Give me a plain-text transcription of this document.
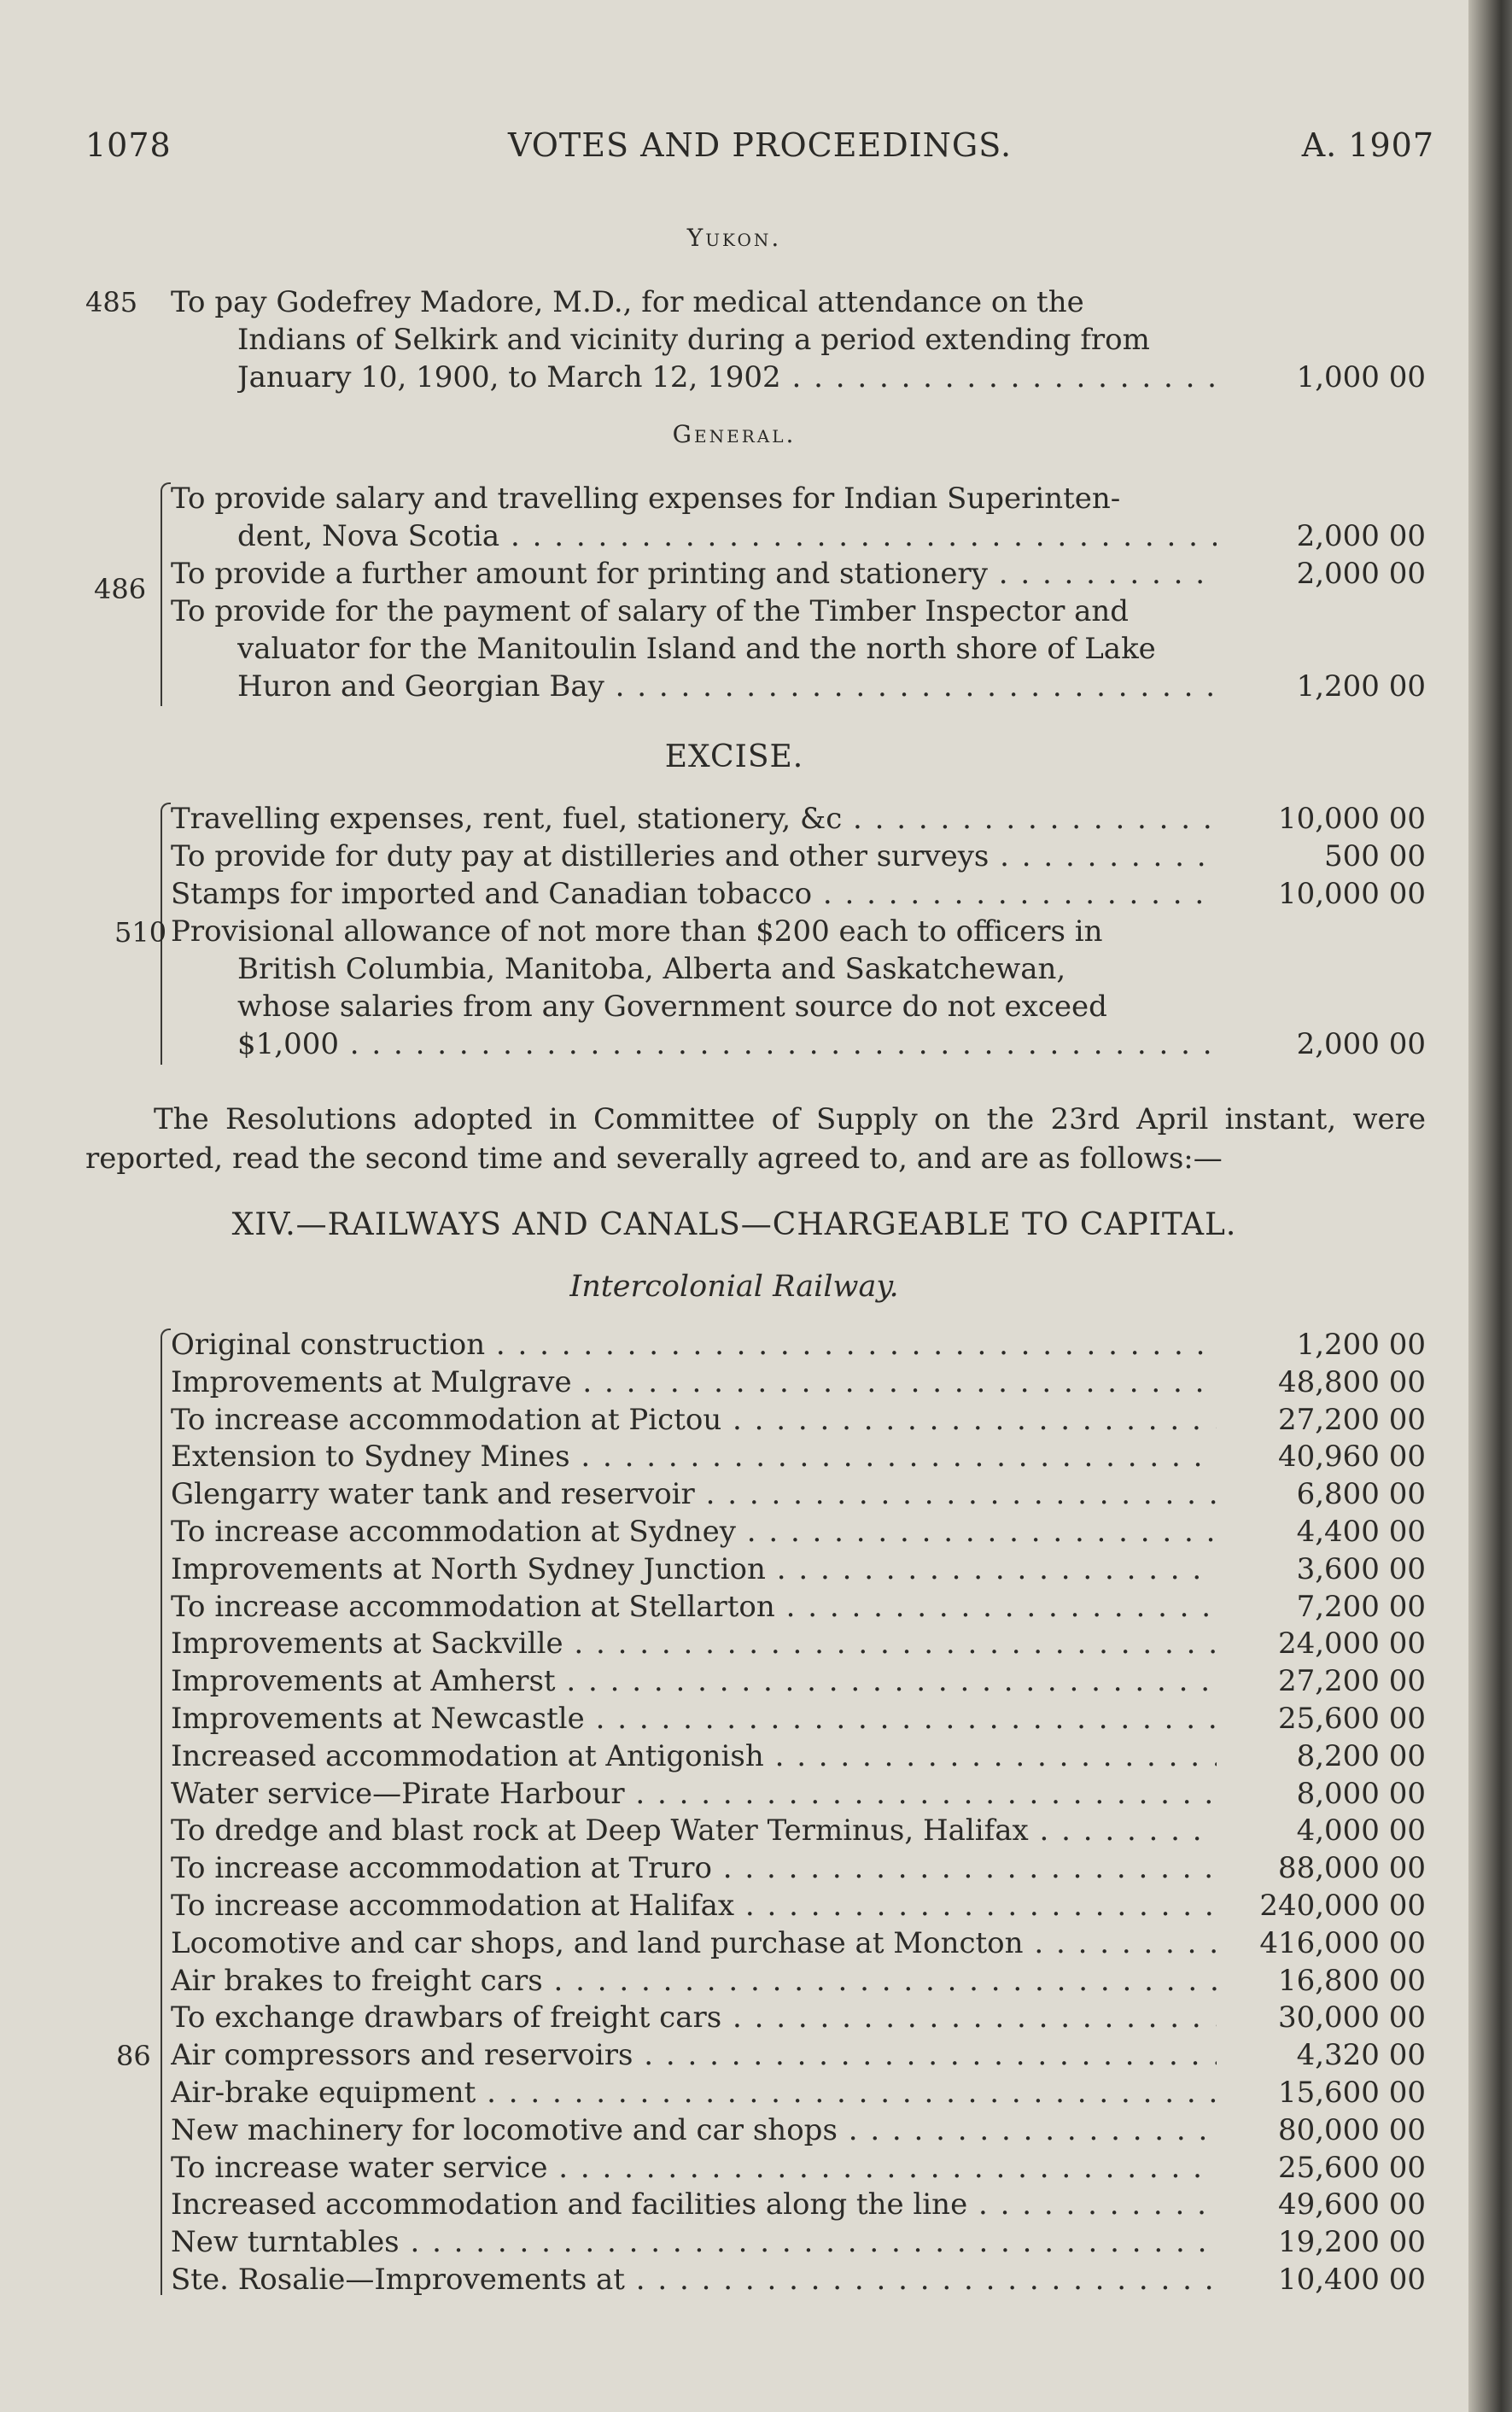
1078	VOTES AND PROCEEDINGS.	A. 1907
Yukon.
485 To pay Godefrey Madore, M.D., for medical attendance on the
Indians of Selkirk and vicinity during a period extending from
January 10, 1900, to March 12, 1902 . . .	1,000 00
General.
486
To provide salary and travelling expenses for Indian Superinten-
dent, Nova Scotia . . .	2,000 00
To provide a further amount for printing and stationery . . .	2,000 00
To provide for the payment of salary of the Timber Inspector and
valuator for the Manitoulin Island and the north shore of Lake
Huron and Georgian Bay . . .	1,200 00
EXCISE.
510
Travelling expenses, rent, fuel, stationery, &c . . .	10,000 00
To provide for duty pay at distilleries and other surveys . . .	500 00
Stamps for imported and Canadian tobacco . . .	10,000 00
Provisional allowance of not more than $200 each to officers in
British Columbia, Manitoba, Alberta and Saskatchewan,
whose salaries from any Government source do not exceed
$1,000 . . .	2,000 00
The Resolutions adopted in Committee of Supply on the 23rd April instant, were reported, read the second time and severally agreed to, and are as follows:—
XIV.—RAILWAYS AND CANALS—CHARGEABLE TO CAPITAL.
Intercolonial Railway.
86
Original construction . . .	1,200 00
Improvements at Mulgrave . . .	48,800 00
To increase accommodation at Pictou . . .	27,200 00
Extension to Sydney Mines . . .	40,960 00
Glengarry water tank and reservoir . . .	6,800 00
To increase accommodation at Sydney . . .	4,400 00
Improvements at North Sydney Junction . . .	3,600 00
To increase accommodation at Stellarton . . .	7,200 00
Improvements at Sackville . . .	24,000 00
Improvements at Amherst . . .	27,200 00
Improvements at Newcastle . . .	25,600 00
Increased accommodation at Antigonish . . .	8,200 00
Water service—Pirate Harbour . . .	8,000 00
To dredge and blast rock at Deep Water Terminus, Halifax . . .	4,000 00
To increase accommodation at Truro . . .	88,000 00
To increase accommodation at Halifax . . .	240,000 00
Locomotive and car shops, and land purchase at Moncton . . .	416,000 00
Air brakes to freight cars . . .	16,800 00
To exchange drawbars of freight cars . . .	30,000 00
Air compressors and reservoirs . . .	4,320 00
Air-brake equipment . . .	15,600 00
New machinery for locomotive and car shops . . .	80,000 00
To increase water service . . .	25,600 00
Increased accommodation and facilities along the line . . .	49,600 00
New turntables . . .	19,200 00
Ste. Rosalie—Improvements at . . .	10,400 00
